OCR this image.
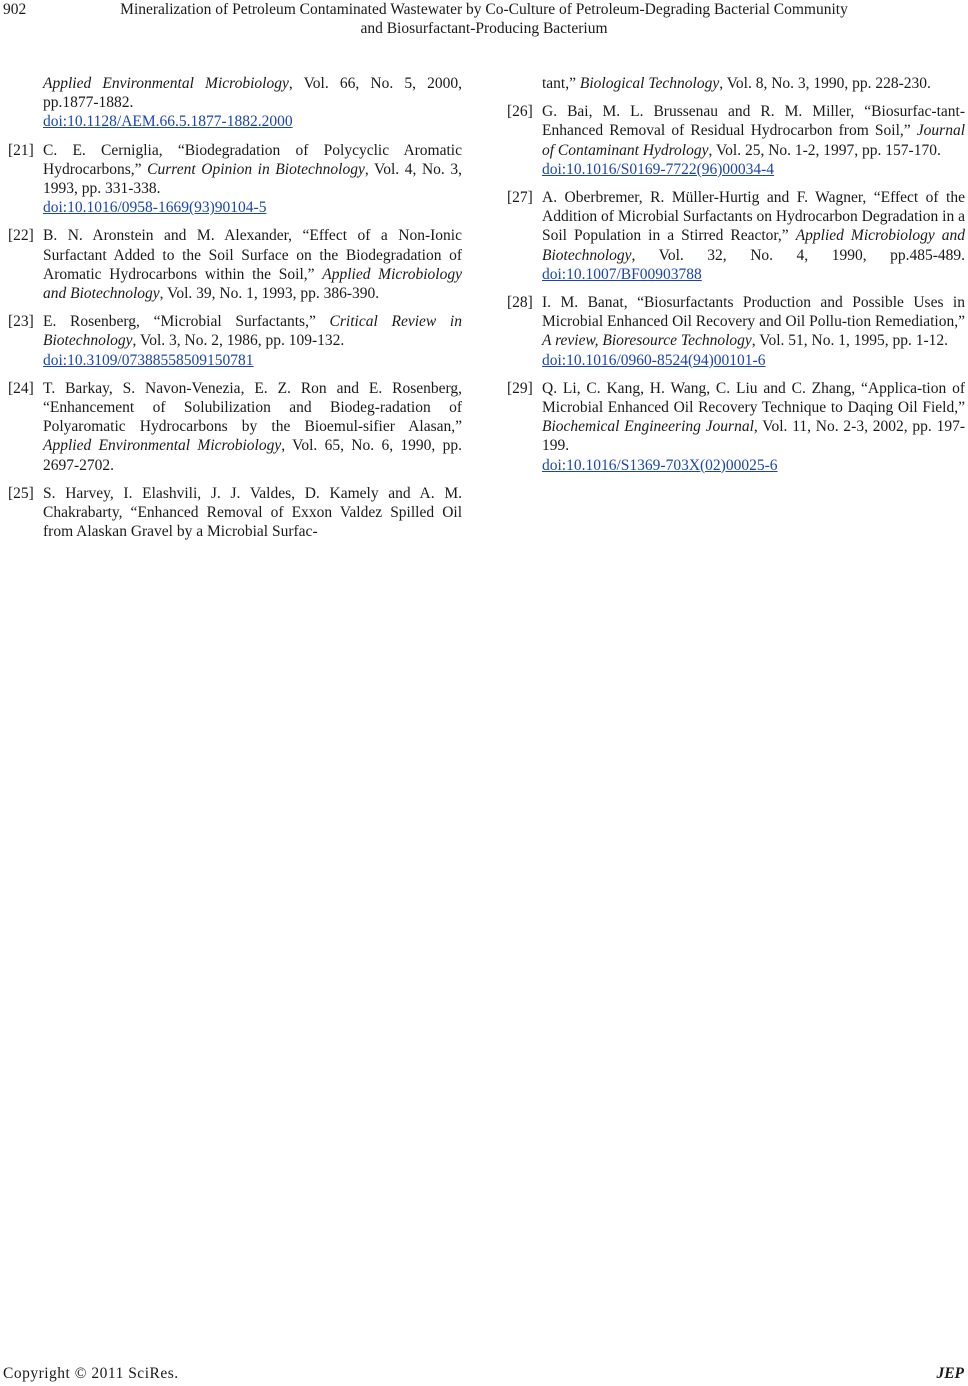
902	Mineralization of Petroleum Contaminated Wastewater by Co-Culture of Petroleum-Degrading Bacterial Community
and Biosurfactant-Producing Bacterium
Applied Environmental Microbiology, Vol. 66, No. 5, 2000, pp.1877-1882.
doi:10.1128/AEM.66.5.1877-1882.2000
[21] C. E. Cerniglia, “Biodegradation of Polycyclic Aromatic Hydrocarbons,” Current Opinion in Biotechnology, Vol. 4, No. 3, 1993, pp. 331-338.
doi:10.1016/0958-1669(93)90104-5
[22] B. N. Aronstein and M. Alexander, “Effect of a Non-Ionic Surfactant Added to the Soil Surface on the Biodegradation of Aromatic Hydrocarbons within the Soil,” Applied Microbiology and Biotechnology, Vol. 39, No. 1, 1993, pp. 386-390.
[23] E. Rosenberg, “Microbial Surfactants,” Critical Review in Biotechnology, Vol. 3, No. 2, 1986, pp. 109-132.
doi:10.3109/07388558509150781
[24] T. Barkay, S. Navon-Venezia, E. Z. Ron and E. Rosenberg, “Enhancement of Solubilization and Biodeg-radation of Polyaromatic Hydrocarbons by the Bioemul-sifier Alasan,” Applied Environmental Microbiology, Vol. 65, No. 6, 1990, pp. 2697-2702.
[25] S. Harvey, I. Elashvili, J. J. Valdes, D. Kamely and A. M. Chakrabarty, “Enhanced Removal of Exxon Valdez Spilled Oil from Alaskan Gravel by a Microbial Surfac-
tant,” Biological Technology, Vol. 8, No. 3, 1990, pp. 228-230.
[26] G. Bai, M. L. Brussenau and R. M. Miller, “Biosurfac-tant-Enhanced Removal of Residual Hydrocarbon from Soil,” Journal of Contaminant Hydrology, Vol. 25, No. 1-2, 1997, pp. 157-170.
doi:10.1016/S0169-7722(96)00034-4
[27] A. Oberbremer, R. Müller-Hurtig and F. Wagner, “Effect of the Addition of Microbial Surfactants on Hydrocarbon Degradation in a Soil Population in a Stirred Reactor,” Applied Microbiology and Biotechnology, Vol. 32, No. 4, 1990, pp.485-489. doi:10.1007/BF00903788
[28] I. M. Banat, “Biosurfactants Production and Possible Uses in Microbial Enhanced Oil Recovery and Oil Pollu-tion Remediation,” A review, Bioresource Technology, Vol. 51, No. 1, 1995, pp. 1-12.
doi:10.1016/0960-8524(94)00101-6
[29] Q. Li, C. Kang, H. Wang, C. Liu and C. Zhang, “Applica-tion of Microbial Enhanced Oil Recovery Technique to Daqing Oil Field,” Biochemical Engineering Journal, Vol. 11, No. 2-3, 2002, pp. 197-199.
doi:10.1016/S1369-703X(02)00025-6
Copyright © 2011 SciRes.	JEP
